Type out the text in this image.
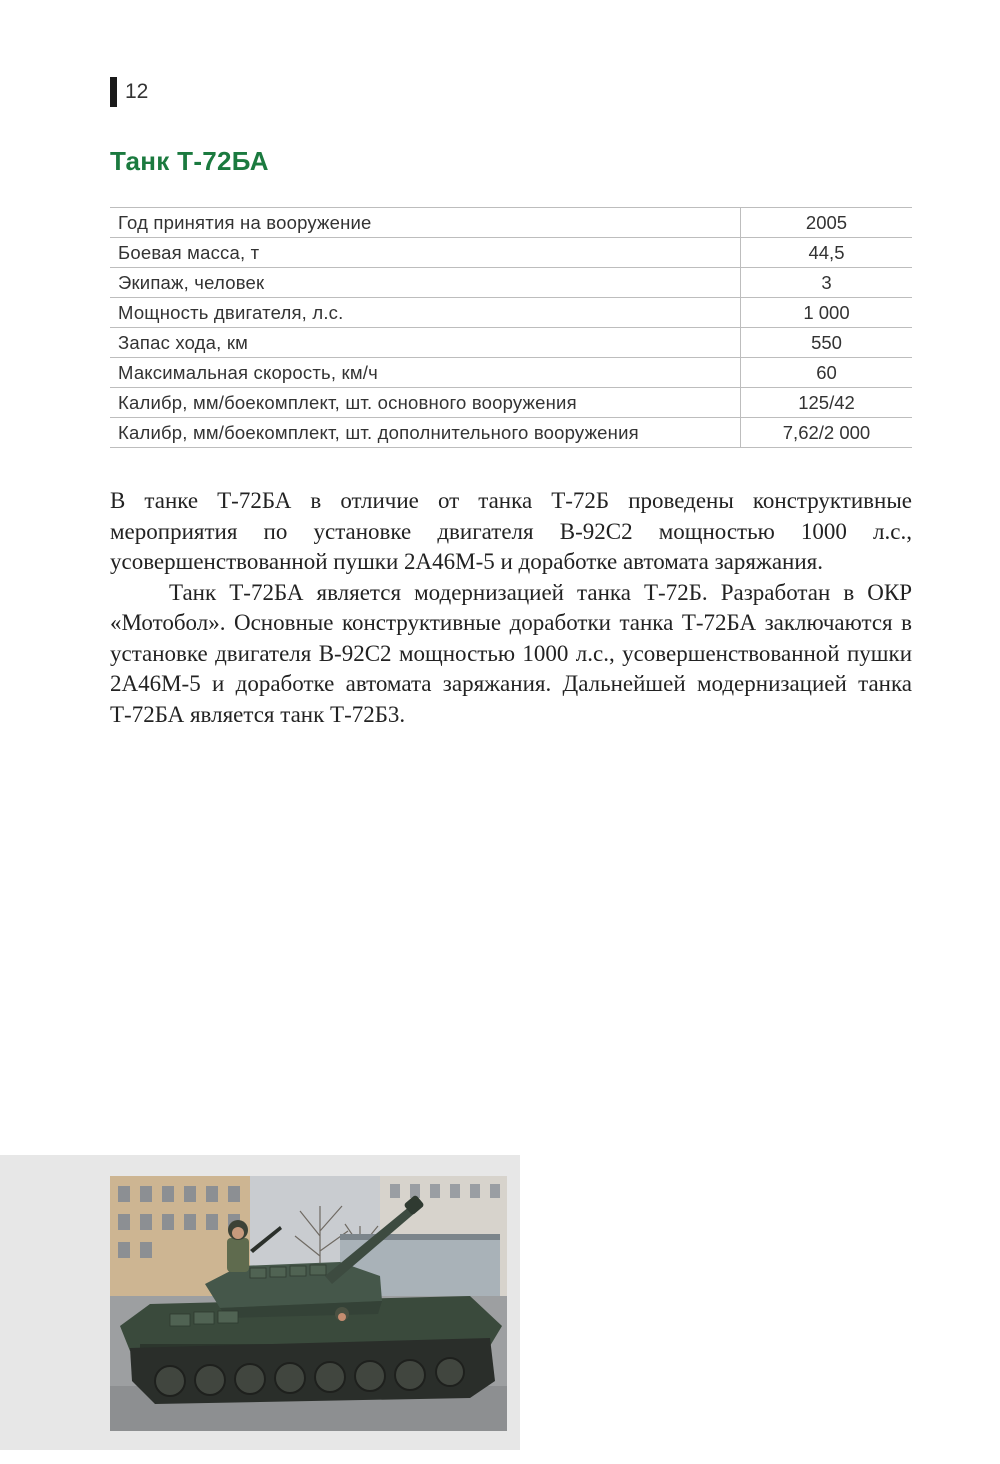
12
Танк Т-72БА
Год принятия на вооружение	2005
Боевая масса, т	44,5
Экипаж, человек	3
Мощность двигателя, л.с.	1 000
Запас хода, км	550
Максимальная скорость, км/ч	60
Калибр, мм/боекомплект, шт. основного вооружения	125/42
Калибр, мм/боекомплект, шт. дополнительного вооружения	7,62/2 000

В танке Т-72БА в отличие от танка Т-72Б проведены конструктивные мероприятия по установке двигателя В-92С2 мощностью 1000 л.с., усовершенствованной пушки 2А46М-5 и доработке автомата заряжания.

Танк Т-72БА является модернизацией танка Т-72Б. Разработан в ОКР «Мотобол». Основные конструктивные доработки танка Т-72БА заключаются в установке двигателя В-92С2 мощностью 1000 л.с., усовершенствованной пушки 2А46М-5 и доработке автомата заряжания. Дальнейшей модернизацией танка Т-72БА является танк Т-72Б3.
